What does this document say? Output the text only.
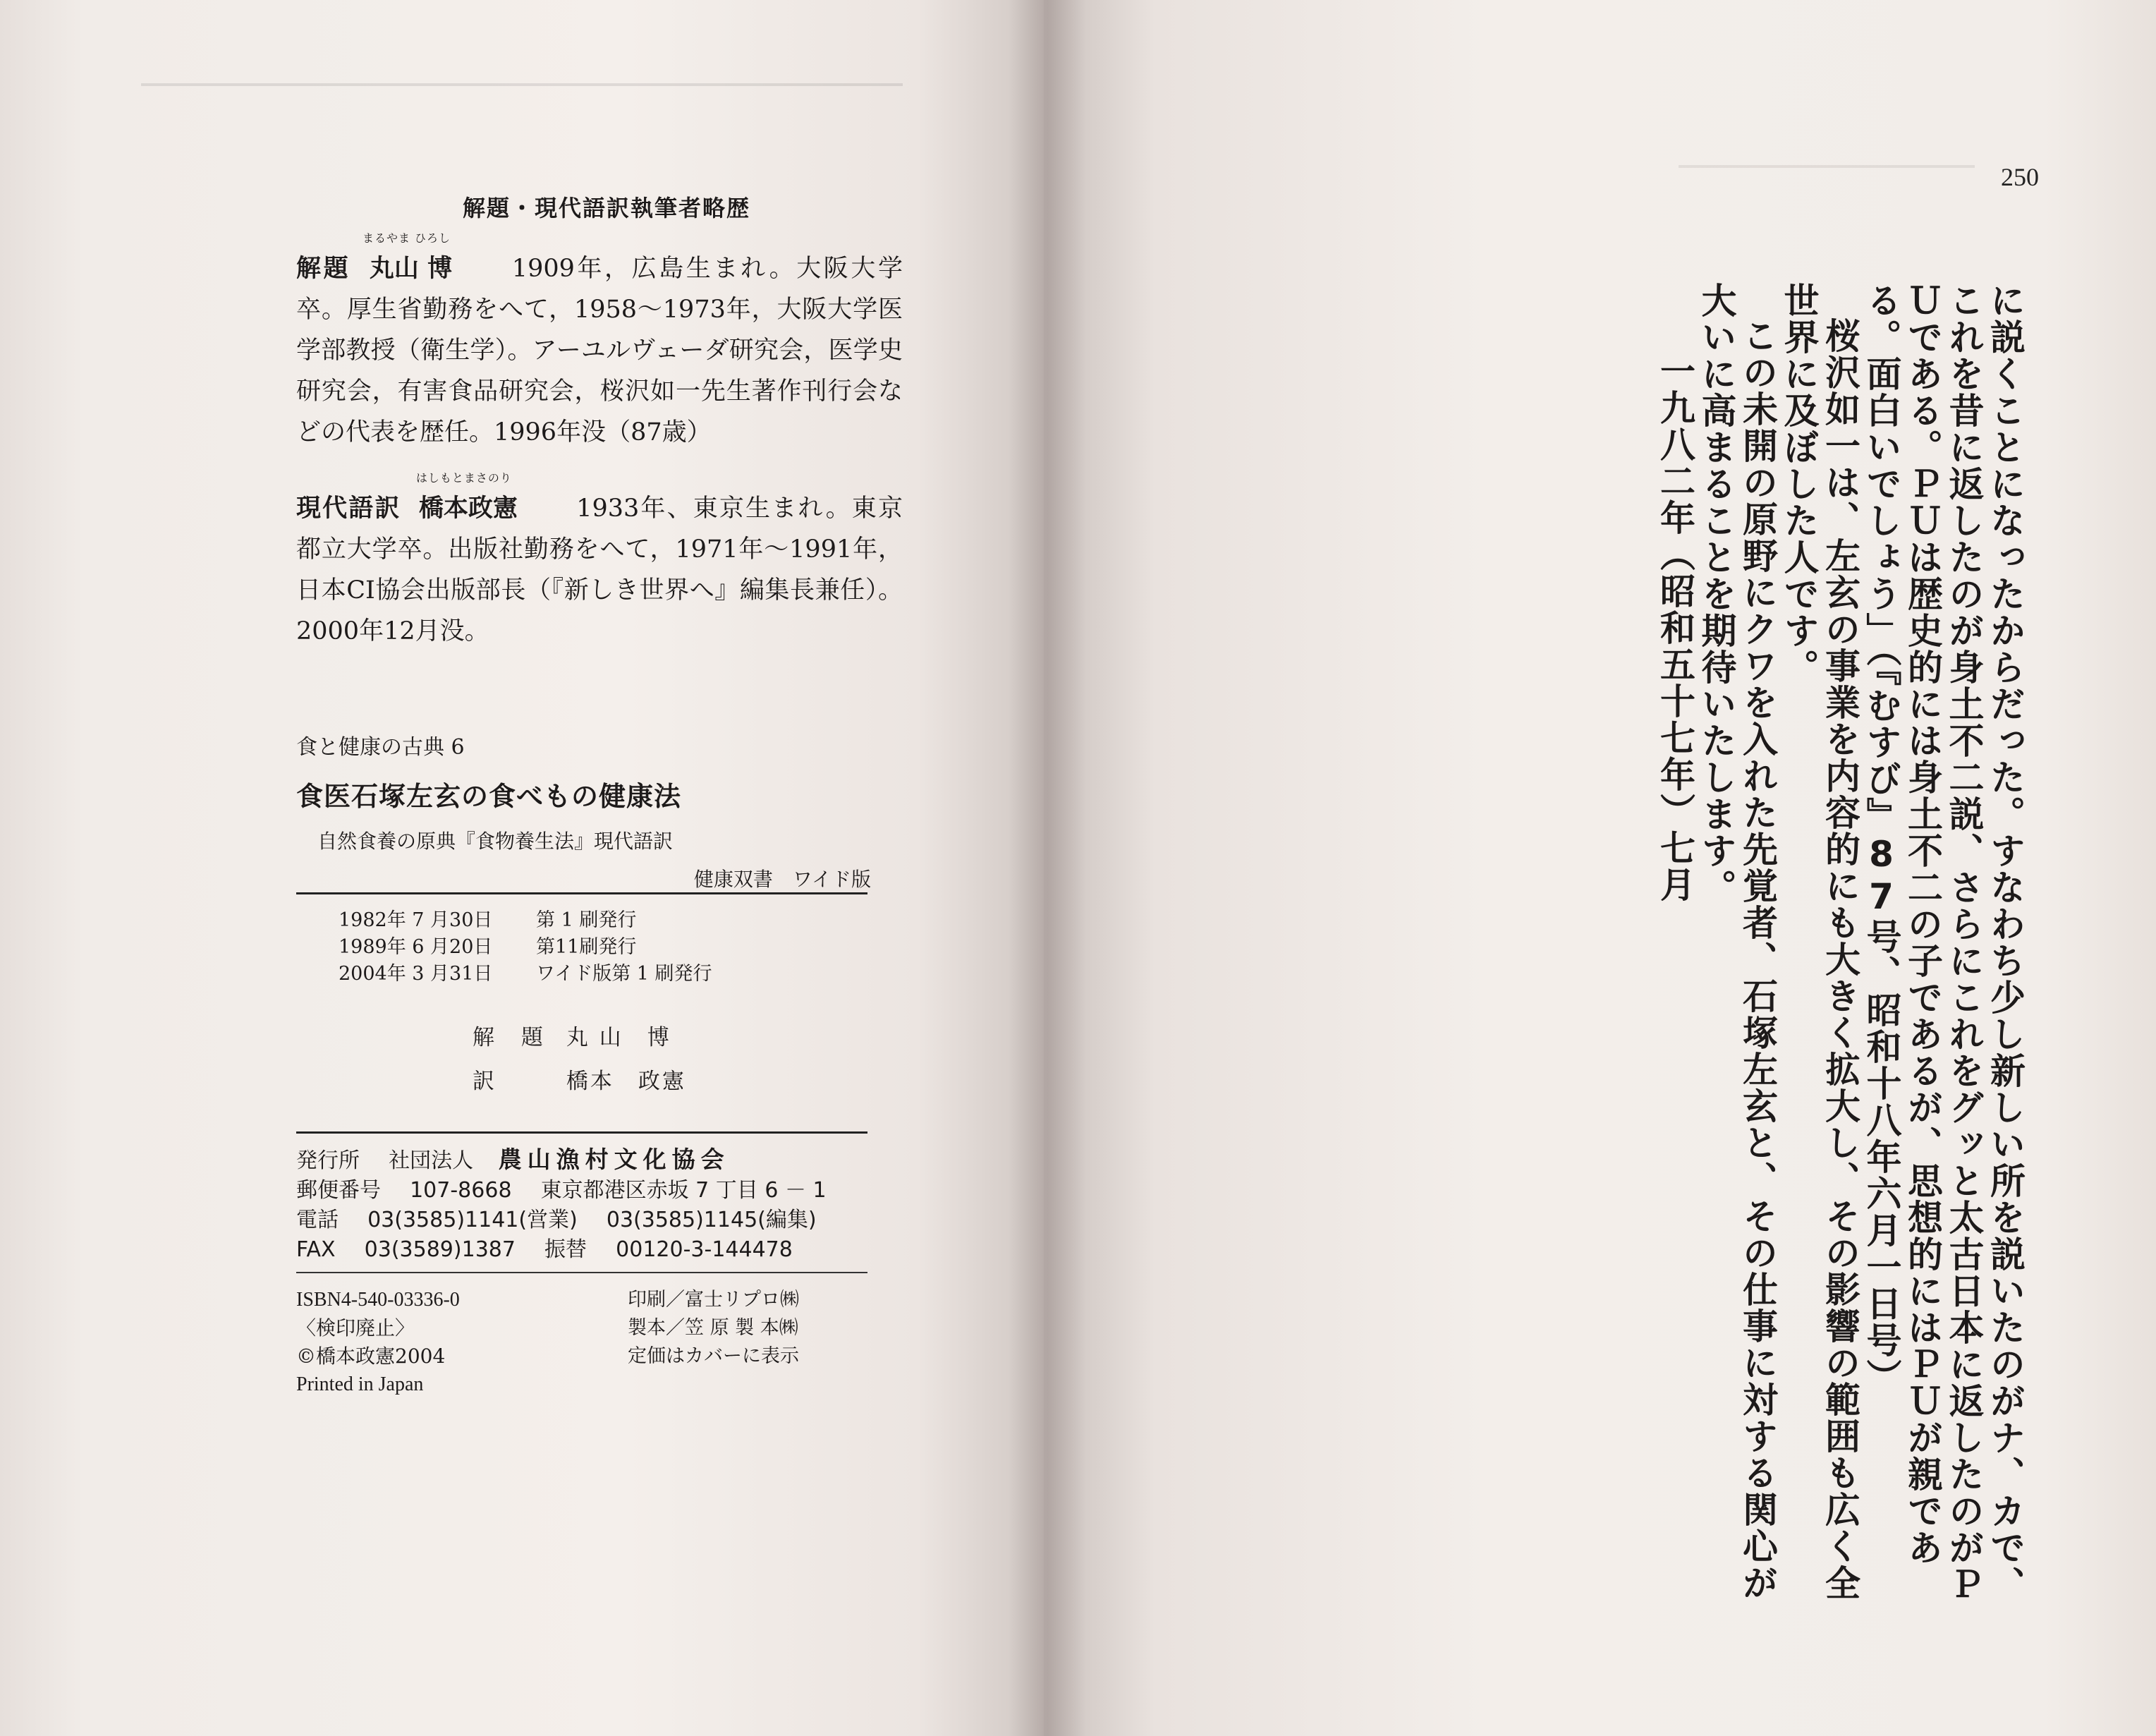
解題・現代語訳執筆者略歴

解題
まるやま ひろし
丸山 博 1909年，広島生まれ。大阪大学卒。厚生省勤務をへて，1958～1973年，大阪大学医学部教授（衛生学）。アーユルヴェーダ研究会，医学史研究会，有害食品研究会，桜沢如一先生著作刊行会などの代表を歴任。1996年没（87歳）

現代語訳
はしもとまさのり
橋本政憲 1933年、東京生まれ。東京都立大学卒。出版社勤務をへて，1971年～1991年，日本CI協会出版部長（『新しき世界へ』編集長兼任）。2000年12月没。

食と健康の古典 6
食医石塚左玄の食べもの健康法
自然食養の原典『食物養生法』現代語訳
健康双書　ワイド版
1982年 7 月30日	第 1 刷発行
1989年 6 月20日	第11刷発行
2004年 3 月31日	ワイド版第 1 刷発行
解 題 丸 山　博
訳	橋本　政憲
発行所 社団法人 農山漁村文化協会
郵便番号 107-8668 東京都港区赤坂 7 丁目 6 － 1
電話 03(3585)1141(営業) 03(3585)1145(編集)
FAX 03(3589)1387 振替 00120-3-144478
ISBN4-540-03336-0
〈検印廃止〉
©橋本政憲2004
Printed in Japan
印刷／富士リプロ㈱
製本／笠 原 製 本㈱
定価はカバーに表示
250

に説くことになったからだった。すなわち少し新しい所を説いたのがナ、カで、これを昔に返したのが身土不二説、さらにこれをグッと太古日本に返したのがＰＵである。ＰＵは歴史的には身土不二の子であるが、思想的にはＰＵが親である。面白いでしょう」（『むすび』87号、昭和十八年六月一日号）

桜沢如一は、左玄の事業を内容的にも大きく拡大し、その影響の範囲も広く全世界に及ぼした人です。

この未開の原野にクワを入れた先覚者、石塚左玄と、その仕事に対する関心が大いに高まることを期待いたします。

一九八二年（昭和五十七年）七月
